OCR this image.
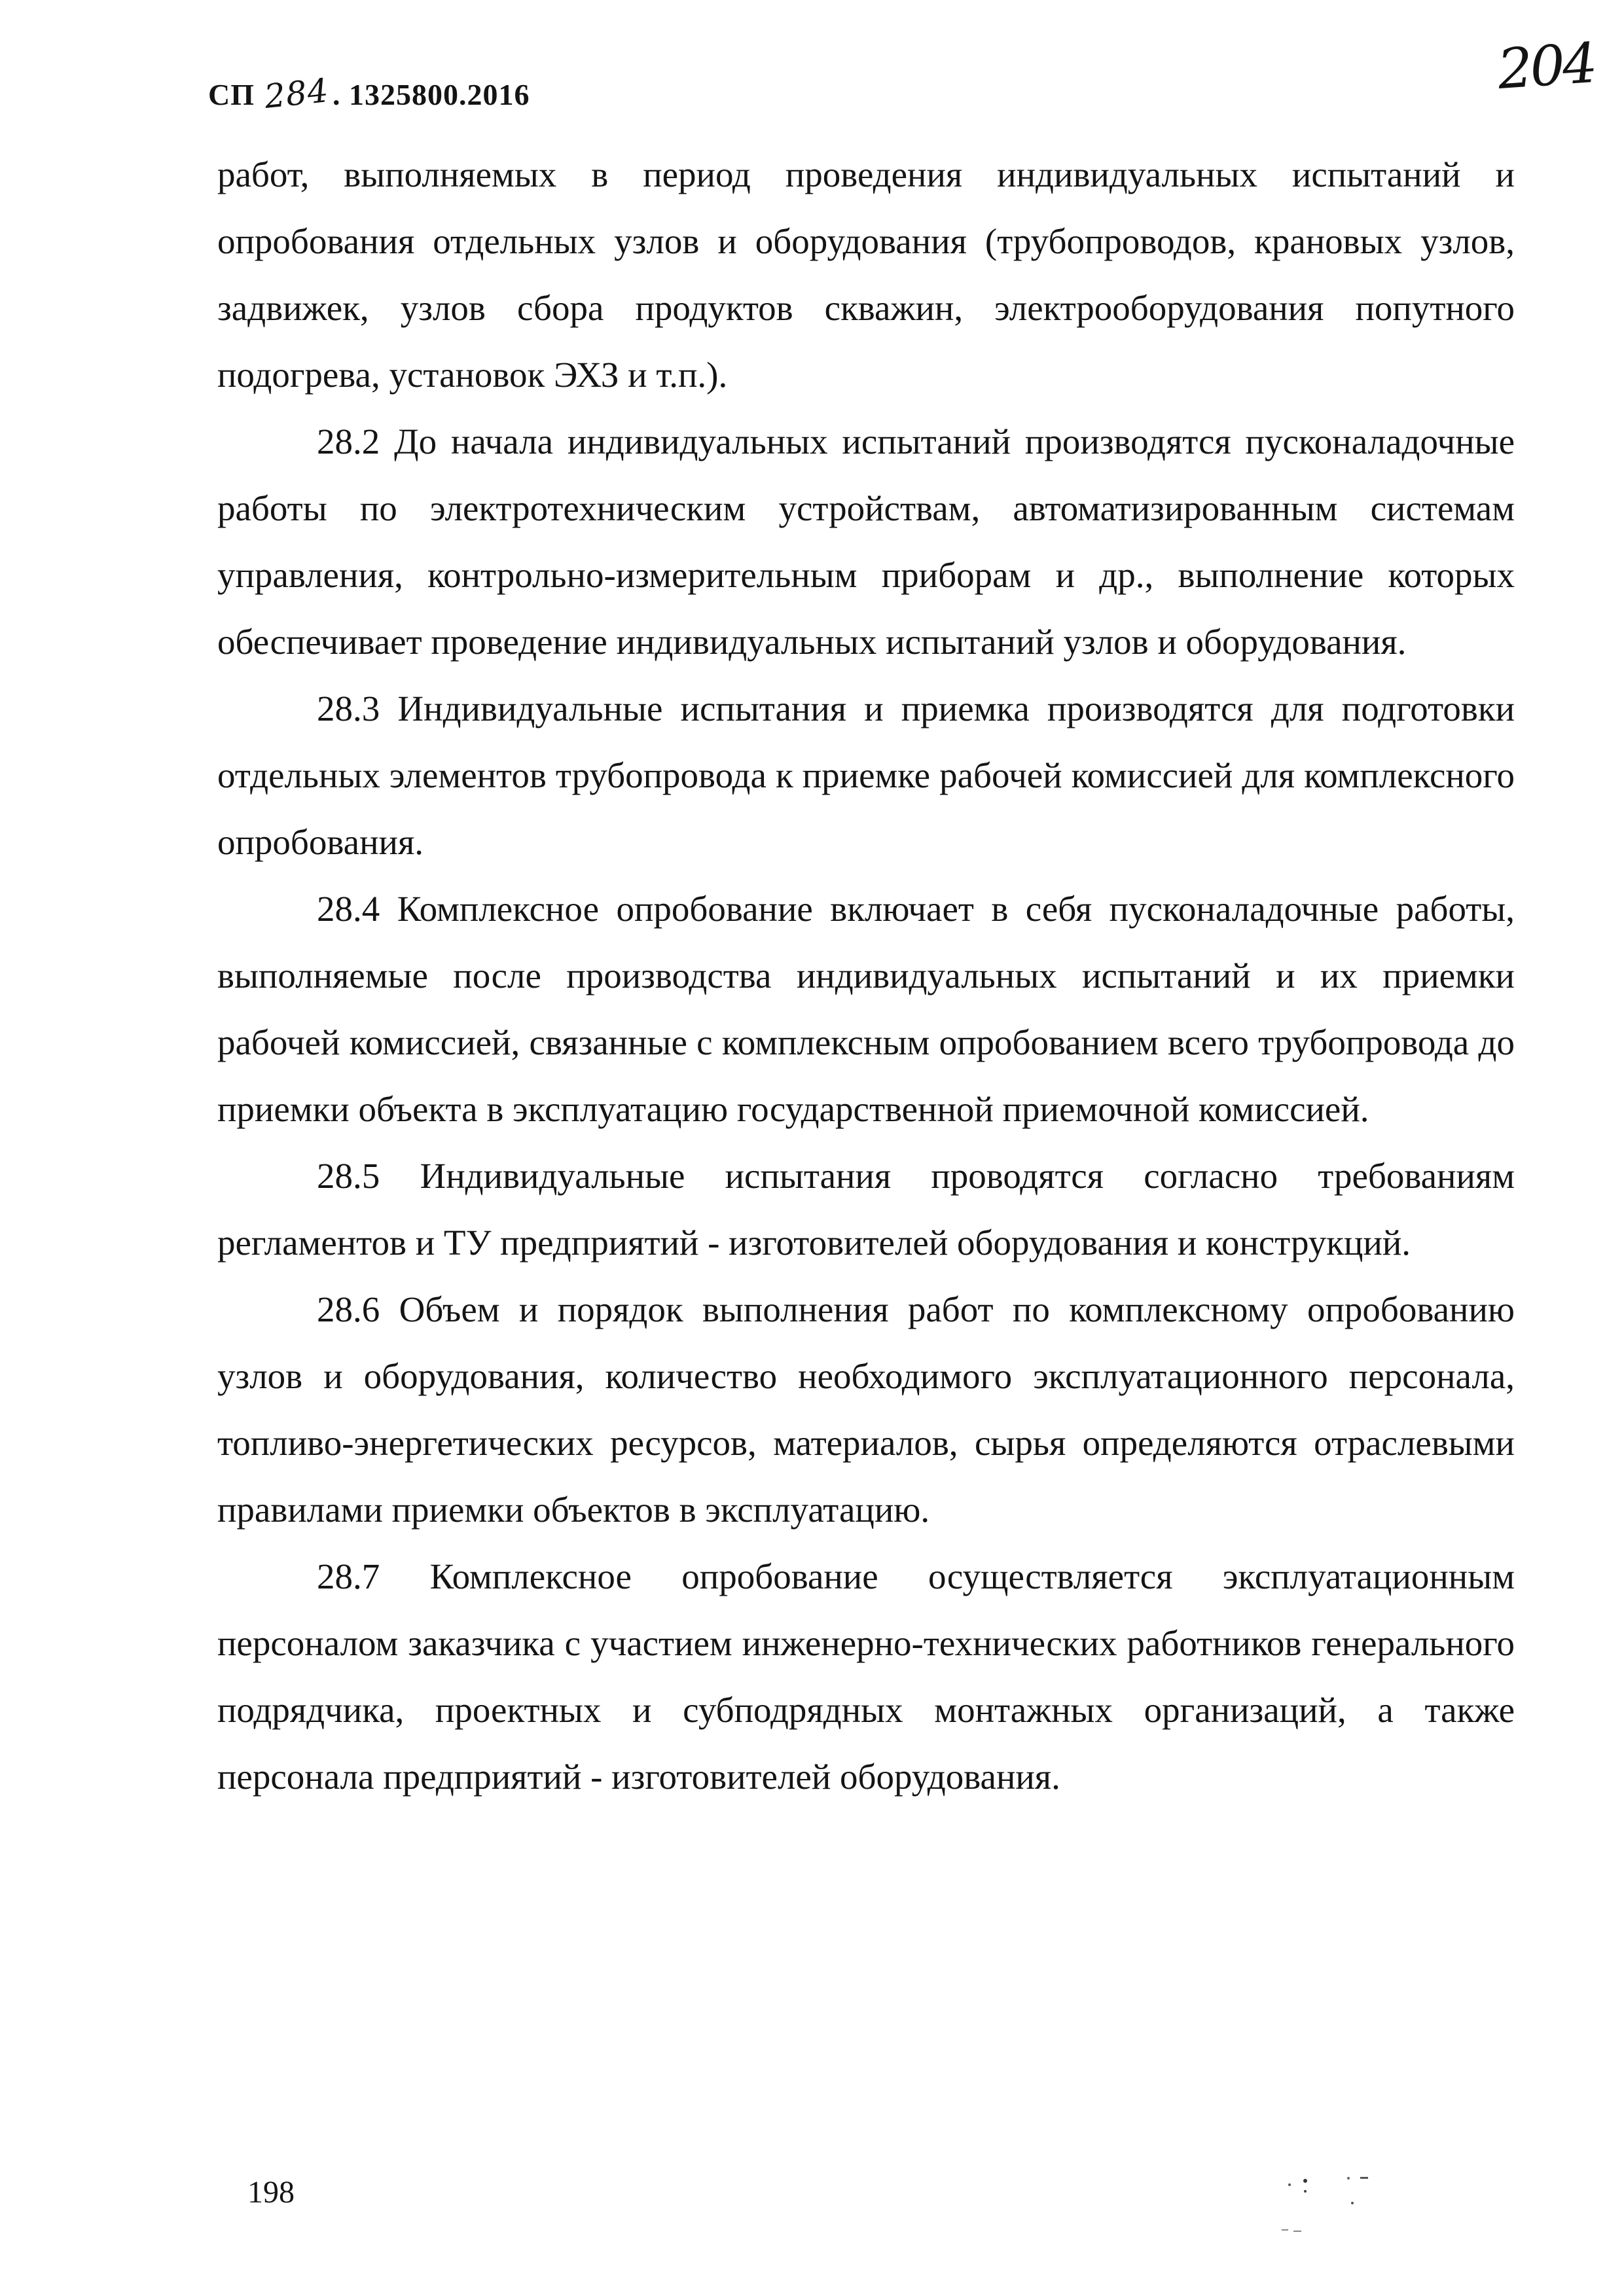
СП 284. 1325800.2016	204

работ, выполняемых в период проведения индивидуальных испытаний и опробования отдельных узлов и оборудования (трубопроводов, крановых узлов, задвижек, узлов сбора продуктов скважин, электрооборудования попутного подогрева, установок ЭХЗ и т.п.).

28.2 До начала индивидуальных испытаний производятся пусконаладочные работы по электротехническим устройствам, автоматизированным системам управления, контрольно-измерительным приборам и др., выполнение которых обеспечивает проведение индивидуальных испытаний узлов и оборудования.

28.3 Индивидуальные испытания и приемка производятся для подготовки отдельных элементов трубопровода к приемке рабочей комиссией для комплексного опробования.

28.4 Комплексное опробование включает в себя пусконаладочные работы, выполняемые после производства индивидуальных испытаний и их приемки рабочей комиссией, связанные с комплексным опробованием всего трубопровода до приемки объекта в эксплуатацию государственной приемочной комиссией.

28.5 Индивидуальные испытания проводятся согласно требованиям регламентов и ТУ предприятий - изготовителей оборудования и конструкций.

28.6 Объем и порядок выполнения работ по комплексному опробованию узлов и оборудования, количество необходимого эксплуатационного персонала, топливо-энергетических ресурсов, материалов, сырья определяются отраслевыми правилами приемки объектов в эксплуатацию.

28.7 Комплексное опробование осуществляется эксплуатационным персоналом заказчика с участием инженерно-технических работников генерального подрядчика, проектных и субподрядных монтажных организаций, а также персонала предприятий - изготовителей оборудования.

198
